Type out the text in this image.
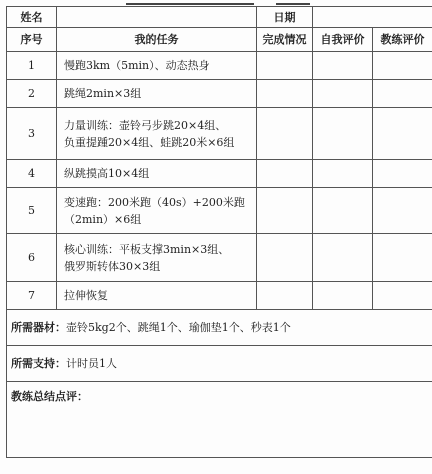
姓名		日期		
序号	我的任务	完成情况	自我评价	教练评价
1	慢跑3km（5min）、动态热身			
2	跳绳2min×3组			
3	力量训练：壶铃弓步跳20×4组、
负重提踵20×4组、蛙跳20米×6组			

4	纵跳摸高10×4组			
5	变速跑：200米跑（40s）+200米跑
（2min）×6组			

6	核心训练：平板支撑3min×3组、
俄罗斯转体30×3组			

7	拉伸恢复			
所需器材：壶铃5kg2个、跳绳1个、瑜伽垫1个、秒表1个				
所需支持：计时员1人				
教练总结点评：				
